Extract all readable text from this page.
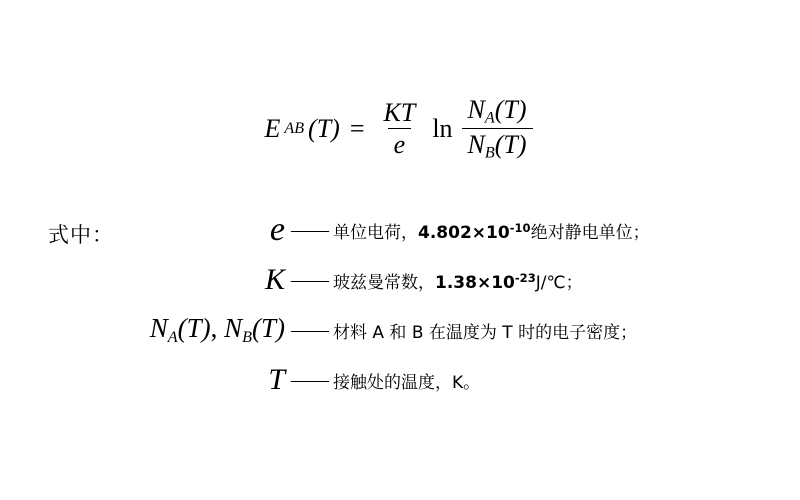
E AB $(T) = \frac{KT}{e}$ $\ln \frac{N_A(T)}{N_B(T)}$
式中：	e —— 单位电荷，$4.802\times 10^{-10}$绝对静电单位；
K —— 玻兹曼常数，$1.38\times 10^{-23}J/℃$；
$N_A(T)$, $N_B(T)$ —— 材料 A 和 B 在温度为 T 时的电子密度；
T —— 接触处的温度，K。
